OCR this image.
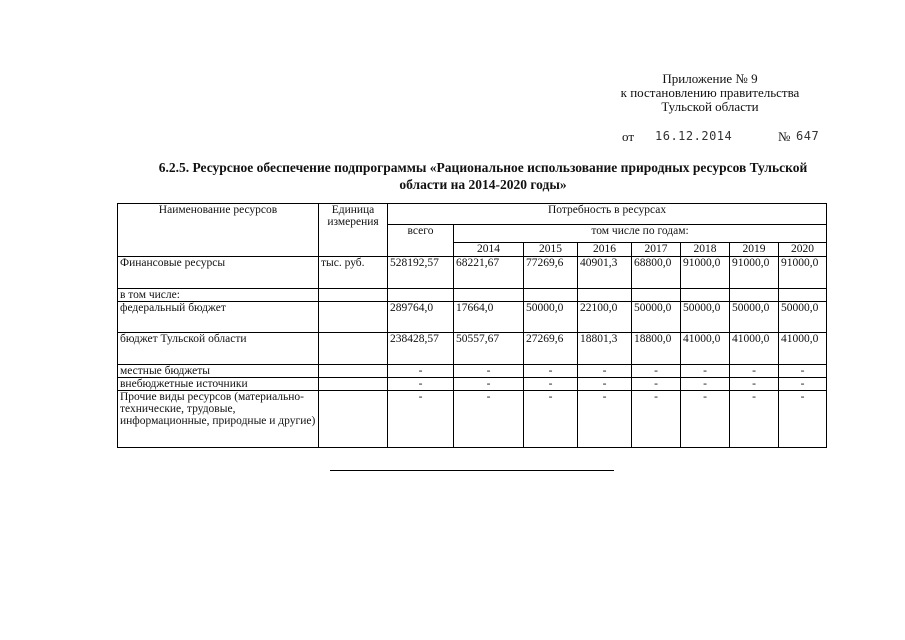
Приложение № 9
к постановлению правительства
Тульской области
от 16.12.2014	№ 647
6.2.5. Ресурсное обеспечение подпрограммы «Рациональное использование природных ресурсов Тульской
области на 2014-2020 годы»
Наименование ресурсов	Единица измерения	Потребность в ресурсах							
		всего	том числе по годам:						
			2014	2015	2016	2017	2018	2019	2020
Финансовые ресурсы	тыс. руб.	528192,57	68221,67	77269,6	40901,3	68800,0	91000,0	91000,0	91000,0
в том числе:									
федеральный бюджет		289764,0	17664,0	50000,0	22100,0	50000,0	50000,0	50000,0	50000,0
бюджет Тульской области		238428,57	50557,67	27269,6	18801,3	18800,0	41000,0	41000,0	41000,0
местные бюджеты		-	-	-	-	-	-	-	-
внебюджетные источники		-	-	-	-	-	-	-	-
Прочие виды ресурсов (материально-технические, трудовые, информационные, природные и другие)		-	-	-	-	-	-	-	-
